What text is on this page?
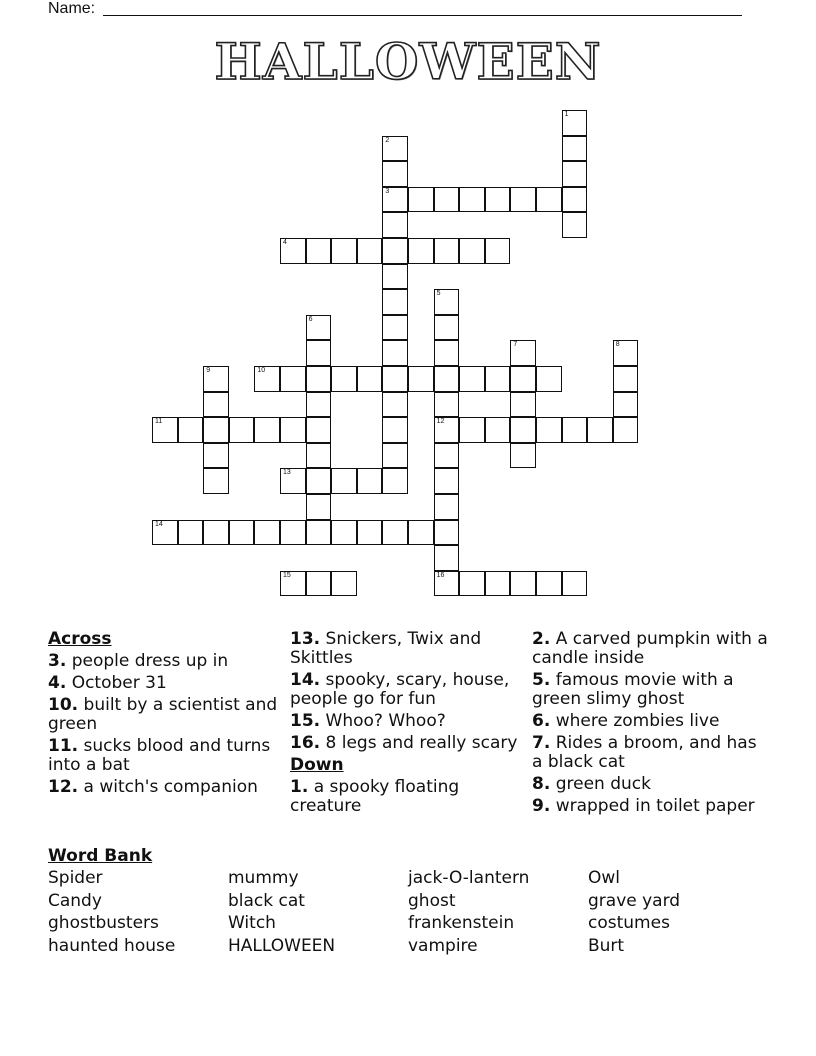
Name:
HALLOWEEN
1
2
3
4
5
12
16
6
7	8
9	10
11
13
14
15
Across
3. people dress up in
4. October 31
10. built by a scientist and green
11. sucks blood and turns into a bat
12. a witch's companion
13. Snickers, Twix and Skittles
14. spooky, scary, house, people go for fun
15. Whoo? Whoo?
16. 8 legs and really scary
Down
1. a spooky floating creature
2. A carved pumpkin with a candle inside
5. famous movie with a green slimy ghost
6. where zombies live
7. Rides a broom, and has a black cat
8. green duck
9. wrapped in toilet paper
Word Bank
Spider
Candy
ghostbusters
haunted house
mummy
black cat
Witch
HALLOWEEN
jack-O-lantern
ghost
frankenstein
vampire
Owl
grave yard
costumes
Burt
